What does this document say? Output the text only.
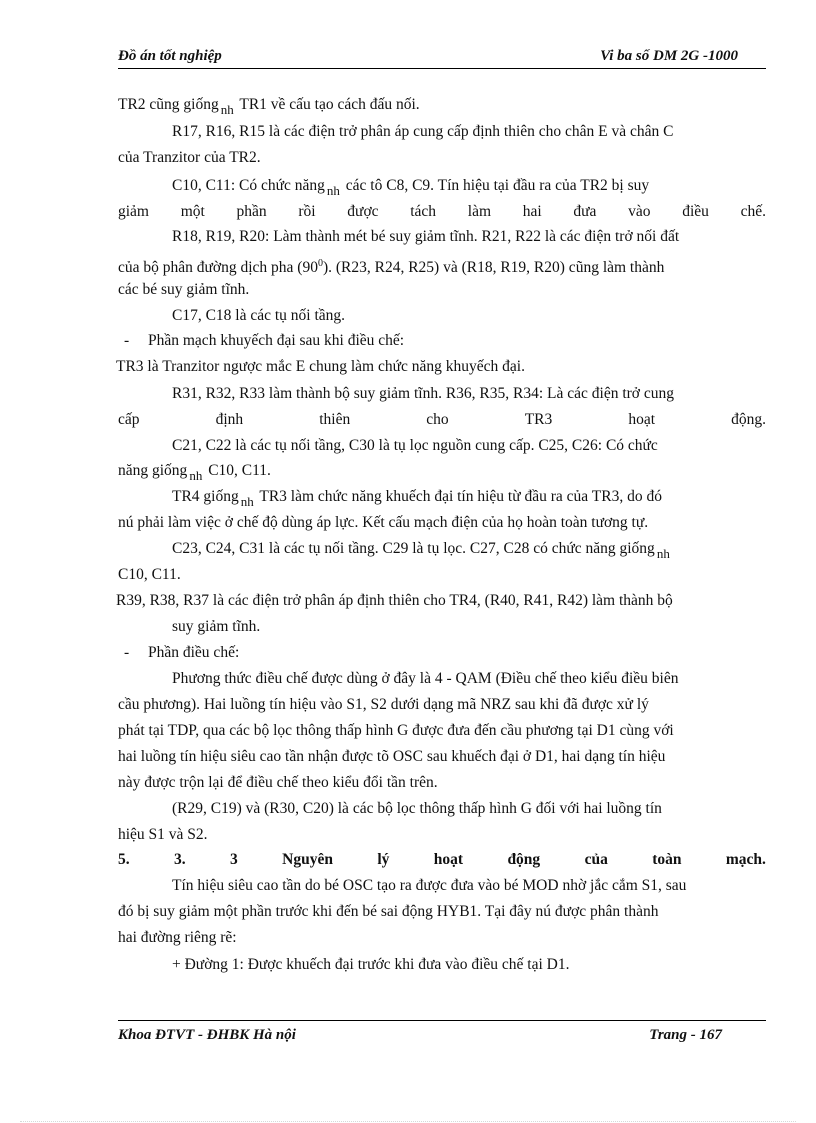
Đồ án tốt nghiệp	Vi ba số DM 2G -1000
TR2 cũng giống $_{nh}$ TR1 về cấu tạo cách đấu nối.
R17, R16, R15 là các điện trở phân áp cung cấp định thiên cho chân E và chân C
của Tranzitor của TR2.
C10, C11: Có chức năng $_{nh}$ các tô C8, C9. Tín hiệu tại đầu ra của TR2 bị suy
giảm một phần rồi được tách làm hai đưa vào điều chế.
R18, R19, R20: Làm thành mét bé suy giảm tĩnh. R21, R22 là các điện trở nối đất
của bộ phân đường dịch pha $(90^0)$. (R23, R24, R25) và (R18, R19, R20) cũng làm thành
các bé suy giảm tĩnh.
C17, C18 là các tụ nối tầng.
- Phần mạch khuyếch đại sau khi điều chế:
TR3 là Tranzitor ngược mắc E chung làm chức năng khuyếch đại.
R31, R32, R33 làm thành bộ suy giảm tĩnh. R36, R35, R34: Là các điện trở cung
cấp	định	thiên	cho	TR3	hoạt	động.
C21, C22 là các tụ nối tầng, C30 là tụ lọc nguồn cung cấp. C25, C26: Có chức
năng giống $_{nh}$ C10, C11.
TR4 giống $_{nh}$ TR3 làm chức năng khuếch đại tín hiệu từ đầu ra của TR3, do đó
nú phải làm việc ở chế độ dùng áp lực. Kết cấu mạch điện của họ hoàn toàn tương tự.
C23, C24, C31 là các tụ nối tầng. C29 là tụ lọc. C27, C28 có chức năng giống $_{nh}$
C10, C11.
R39, R38, R37 là các điện trở phân áp định thiên cho TR4, (R40, R41, R42) làm thành bộ
suy giảm tĩnh.
- Phần điều chế:
Phương thức điều chế được dùng ở đây là 4 - QAM (Điều chế theo kiểu điều biên
cầu phương). Hai luồng tín hiệu vào S1, S2 dưới dạng mã NRZ sau khi đã được xử lý
phát tại TDP, qua các bộ lọc thông thấp hình G được đưa đến cầu phương tại D1 cùng với
hai luồng tín hiệu siêu cao tần nhận được tõ OSC sau khuếch đại ở D1, hai dạng tín hiệu
này được trộn lại để điều chế theo kiểu đổi tần trên.
(R29, C19) và (R30, C20) là các bộ lọc thông thấp hình G đối với hai luồng tín
hiệu S1 và S2.
5.	3.	3	Nguyên	lý	hoạt	động	của	toàn	mạch.
Tín hiệu siêu cao tần do bé OSC tạo ra được đưa vào bé MOD nhờ jắc cắm S1, sau
đó bị suy giảm một phần trước khi đến bé sai động HYB1. Tại đây nú được phân thành
hai đường riêng rẽ:
+ Đường 1: Được khuếch đại trước khi đưa vào điều chế tại D1.
Khoa ĐTVT - ĐHBK Hà nội	Trang - 167
